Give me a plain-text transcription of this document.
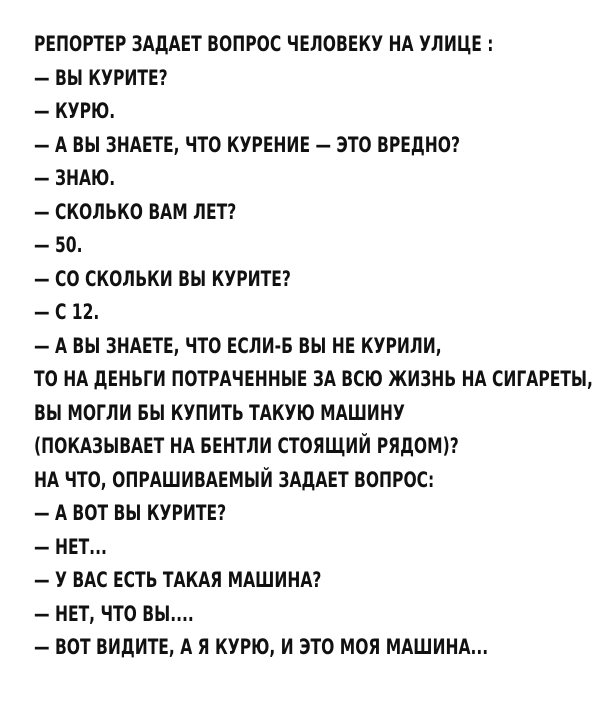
РЕПОРТЕР ЗАДАЕТ ВОПРОС ЧЕЛОВЕКУ НА УЛИЦЕ :
— ВЫ КУРИТЕ?
— КУРЮ.
— А ВЫ ЗНАЕТЕ, ЧТО КУРЕНИЕ — ЭТО ВРЕДНО?
— ЗНАЮ.
— СКОЛЬКО ВАМ ЛЕТ?
— 50.
— СО СКОЛЬКИ ВЫ КУРИТЕ?
— С 12.
— А ВЫ ЗНАЕТЕ, ЧТО ЕСЛИ-Б ВЫ НЕ КУРИЛИ,
ТО НА ДЕНЬГИ ПОТРАЧЕННЫЕ ЗА ВСЮ ЖИЗНЬ НА СИГАРЕТЫ,
ВЫ МОГЛИ БЫ КУПИТЬ ТАКУЮ МАШИНУ
(ПОКАЗЫВАЕТ НА БЕНТЛИ СТОЯЩИЙ РЯДОМ)?
НА ЧТО, ОПРАШИВАЕМЫЙ ЗАДАЕТ ВОПРОС:
— А ВОТ ВЫ КУРИТЕ?
— НЕТ...
— У ВАС ЕСТЬ ТАКАЯ МАШИНА?
— НЕТ, ЧТО ВЫ....
— ВОТ ВИДИТЕ, А Я КУРЮ, И ЭТО МОЯ МАШИНА...
